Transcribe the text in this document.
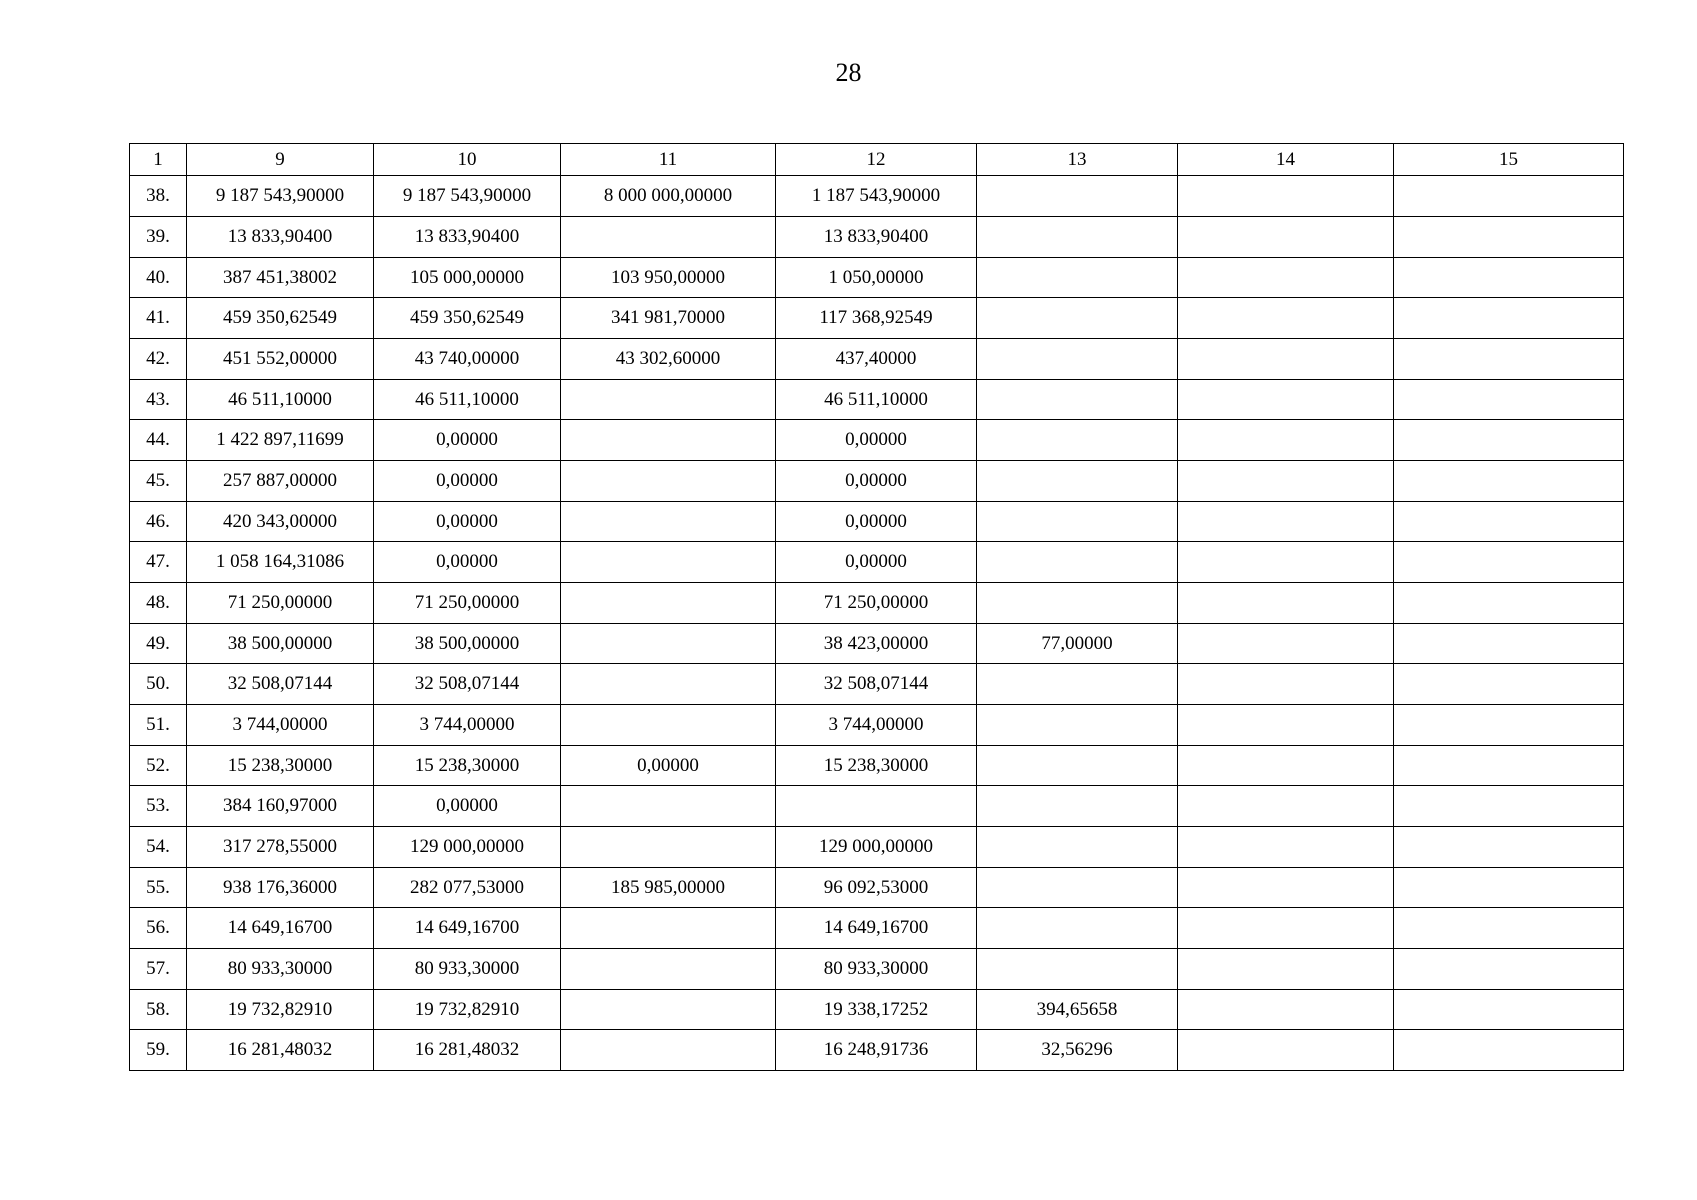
28
1	9	10	11	12	13	14	15
38.	9 187 543,90000	9 187 543,90000	8 000 000,00000	1 187 543,90000			
39.	13 833,90400	13 833,90400		13 833,90400			
40.	387 451,38002	105 000,00000	103 950,00000	1 050,00000			
41.	459 350,62549	459 350,62549	341 981,70000	117 368,92549			
42.	451 552,00000	43 740,00000	43 302,60000	437,40000			
43.	46 511,10000	46 511,10000		46 511,10000			
44.	1 422 897,11699	0,00000		0,00000			
45.	257 887,00000	0,00000		0,00000			
46.	420 343,00000	0,00000		0,00000			
47.	1 058 164,31086	0,00000		0,00000			
48.	71 250,00000	71 250,00000		71 250,00000			
49.	38 500,00000	38 500,00000		38 423,00000	77,00000		
50.	32 508,07144	32 508,07144		32 508,07144			
51.	3 744,00000	3 744,00000		3 744,00000			
52.	15 238,30000	15 238,30000	0,00000	15 238,30000			
53.	384 160,97000	0,00000					
54.	317 278,55000	129 000,00000		129 000,00000			
55.	938 176,36000	282 077,53000	185 985,00000	96 092,53000			
56.	14 649,16700	14 649,16700		14 649,16700			
57.	80 933,30000	80 933,30000		80 933,30000			
58.	19 732,82910	19 732,82910		19 338,17252	394,65658		
59.	16 281,48032	16 281,48032		16 248,91736	32,56296		
